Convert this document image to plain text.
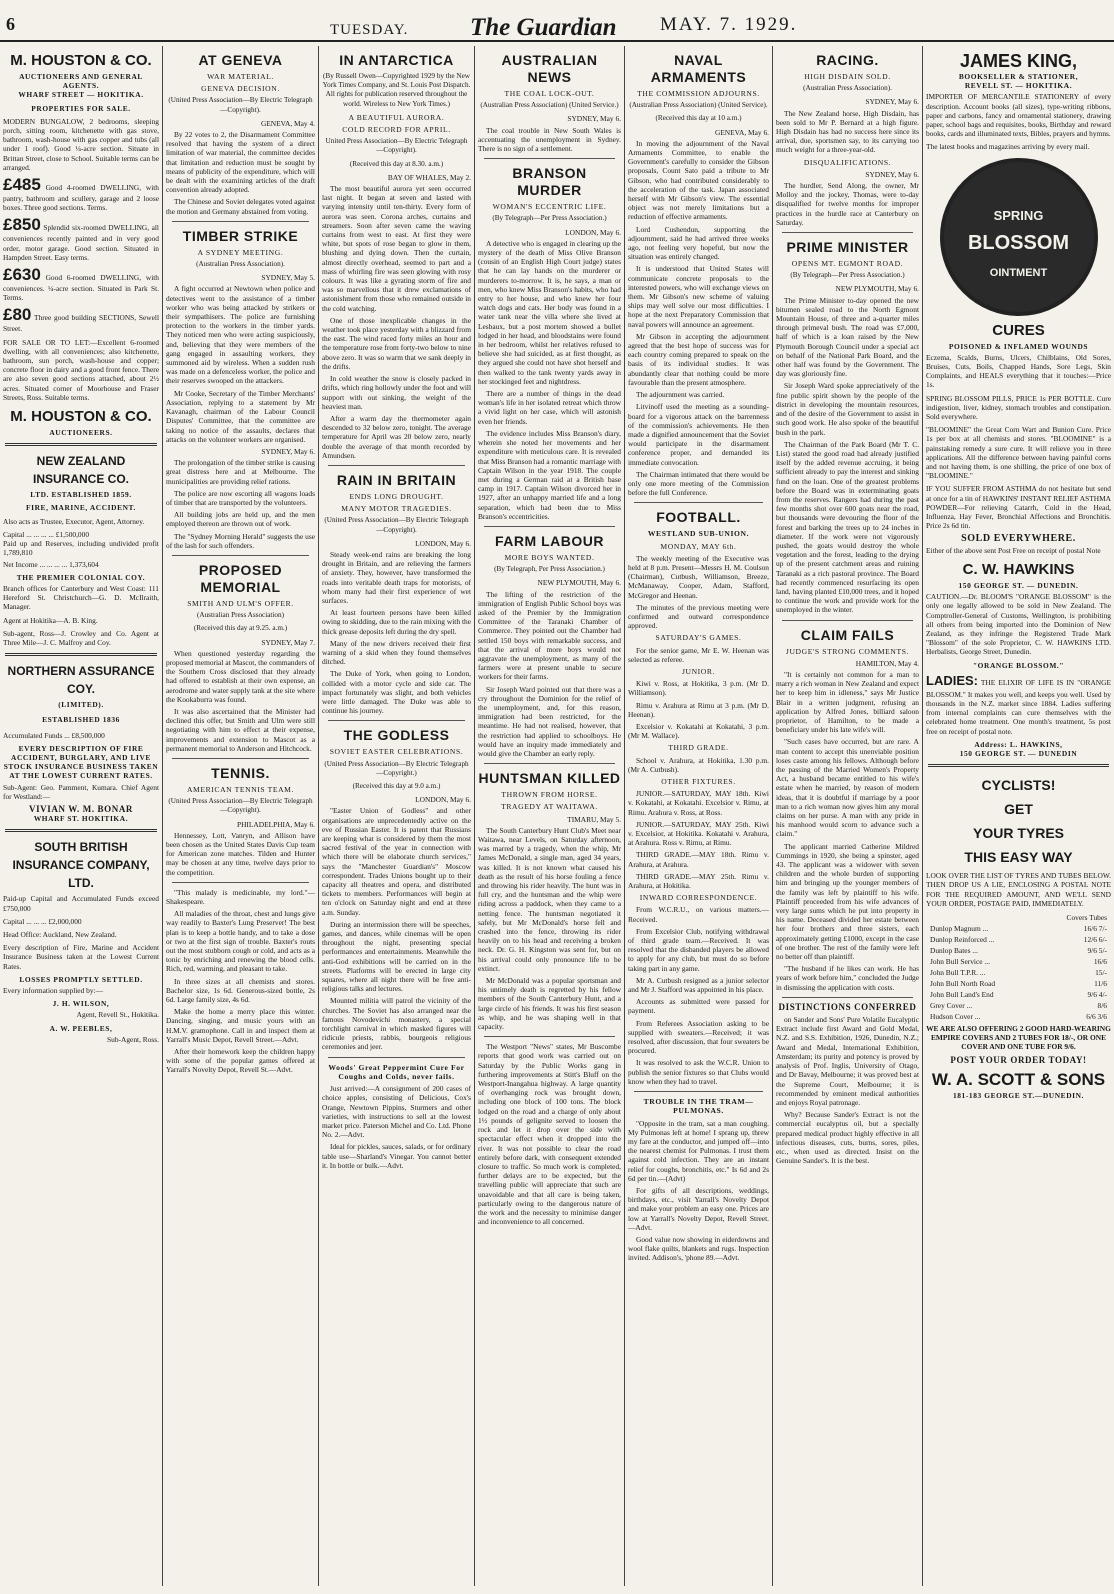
6	TUESDAY. The Guardian MAY. 7. 1929.
M. HOUSTON & CO.
AUCTIONEERS AND GENERAL AGENTS.
WHARF STREET — HOKITIKA.
PROPERTIES FOR SALE.

MODERN BUNGALOW, 2 bedrooms, sleeping porch, sitting room, kitchenette with gas stove, bathroom, wash-house with gas copper and tubs (all under 1 roof). Good ¼-acre section. Situate in Brittan Street, close to School. Suitable terms can be arranged.

£485 Good 4-roomed DWELLING, with pantry, bathroom and scullery, garage and 2 loose boxes. Three good sections. Terms.

£850 Splendid six-roomed DWELLING, all conveniences recently painted and in very good order, motor garage. Good section. Situated in Hampden Street. Easy terms.

£630 Good 6-roomed DWELLING, with conveniences. ¼-acre section. Situated in Park St. Terms.

£80 Three good building SECTIONS, Sewell Street.

FOR SALE OR TO LET:—Excellent 6-roomed dwelling, with all conveniences; also kitchenette, bathroom, sun porch, wash-house and copper; concrete floor in dairy and a good front fence. There are also seven good sections attached, about 2½ acres. Situated corner of Moorhouse and Fraser Streets, Ross. Suitable terms.

M. HOUSTON & CO.
AUCTIONEERS.
NEW ZEALAND INSURANCE CO.
LTD. ESTABLISHED 1859.
FIRE, MARINE, ACCIDENT.

Also acts as Trustee, Executor, Agent, Attorney.

Capital ... ... ... ... £1,500,000

Paid up and Reserves, including undivided profit 1,789,810

Net Income ... ... ... ... 1,373,604

THE PREMIER COLONIAL COY.

Branch offices for Canterbury and West Coast: 111 Hereford St. Christchurch—G. D. McIlraith, Manager.

Agent at Hokitika—A. B. King.

Sub-agent, Ross—J. Crowley and Co. Agent at Three Mile—J. C. Malfroy and Coy.

NORTHERN ASSURANCE COY.
(LIMITED).
ESTABLISHED 1836

Accumulated Funds ... £8,500,000

EVERY DESCRIPTION OF FIRE ACCIDENT, BURGLARY, AND LIVE STOCK INSURANCE BUSINESS TAKEN AT THE LOWEST CURRENT RATES.

Sub-Agent: Geo. Pamment, Kumara. Chief Agent for Westland:—

VIVIAN W. M. BONAR
WHARF ST. HOKITIKA.
SOUTH BRITISH INSURANCE COMPANY, LTD.

Paid-up Capital and Accumulated Funds exceed £750,000

Capital ... ... ... £2,000,000

Head Office: Auckland, New Zealand.

Every description of Fire, Marine and Accident Insurance Business taken at the Lowest Current Rates.

LOSSES PROMPTLY SETTLED.

Every information supplied by:—

J. H. WILSON,

Agent, Revell St., Hokitika.

A. W. PEEBLES,

Sub-Agent, Ross.

AT GENEVA
WAR MATERIAL.
GENEVA DECISION.
(United Press Association—By Electric Telegraph—Copyright).
GENEVA, May 4.

By 22 votes to 2, the Disarmament Committee resolved that having the system of a direct limitation of war material, the committee decides that limitation and reduction must be sought by means of publicity of the expenditure, which will be dealt with the examining articles of the draft convention already adopted.

The Chinese and Soviet delegates voted against the motion and Germany abstained from voting.

TIMBER STRIKE
A SYDNEY MEETING.
(Australian Press Association).
SYDNEY, May 5.

A fight occurred at Newtown when police and detectives went to the assistance of a timber worker who was being attacked by strikers or their sympathisers. The police are furnishing protection to the workers in the timber yards. They noticed men who were acting suspiciously, and, believing that they were members of the gang engaged in assaulting workers, they summoned aid by wireless. When a sudden rush was made on a defenceless worker, the police and their reserves swooped on the attackers.

Mr Cooke, Secretary of the Timber Merchants' Association, replying to a statement by Mr Kavanagh, chairman of the Labour Council Disputes' Committee, that the committee are taking no notice of the assaults, declares that attacks on the volunteer workers are organised.

SYDNEY, May 6.

The prolongation of the timber strike is causing great distress here and at Melbourne. The municipalities are providing relief rations.

The police are now escorting all wagons loads of timber that are transported by the volunteers.

All building jobs are held up, and the men employed thereon are thrown out of work.

The "Sydney Morning Herald" suggests the use of the lash for such offenders.

PROPOSED MEMORIAL
SMITH AND ULM'S OFFER.
(Australian Press Association)
(Received this day at 9.25. a.m.)
SYDNEY, May 7.

When questioned yesterday regarding the proposed memorial at Mascot, the commanders of the Southern Cross disclosed that they already had offered to establish at their own expense, an aerodrome and water supply tank at the site where the Kookaburra was found.

It was also ascertained that the Minister had declined this offer, but Smith and Ulm were still negotiating with him to effect at their expense, improvements and extension to Mascot as a permanent memorial to Anderson and Hitchcock.

TENNIS.
AMERICAN TENNIS TEAM.
(United Press Association—By Electric Telegraph—Copyright).
PHILADELPHIA, May 6.

Hennessey, Lott, Vanryn, and Allison have been chosen as the United States Davis Cup team for American zone matches. Tilden and Hunter may be chosen at any time, twelve days prior to the competition.

"This malady is medicinable, my lord."—Shakespeare.

All maladies of the throat, chest and lungs give way readily to Baxter's Lung Preserver! The best plan is to keep a bottle handy, and to take a dose or two at the first sign of trouble. Baxter's routs out the most stubborn cough or cold, and acts as a tonic by enriching and renewing the blood cells. Rich, red, warming, and pleasant to take.

In three sizes at all chemists and stores. Bachelor size, 1s 6d. Generous-sized bottle, 2s 6d. Large family size, 4s 6d.

Make the home a merry place this winter. Dancing, singing, and music yours with an H.M.V. gramophone. Call in and inspect them at Yarrall's Music Depot, Revell Street.—Advt.

After their homework keep the children happy with some of the popular games offered at Yarrall's Novelty Depot, Revell St.—Advt.

IN ANTARCTICA
(By Russell Owen—Copyrighted 1929 by the New York Times Company, and St. Louis Post Dispatch. All rights for publication reserved throughout the world. Wireless to New York Times.)
A BEAUTIFUL AURORA.
COLD RECORD FOR APRIL.
United Press Association—By Electric Telegraph—Copyright).
(Received this day at 8.30. a.m.)
BAY OF WHALES, May 2.

The most beautiful aurora yet seen occurred last night. It began at seven and lasted with varying intensity until ten-thirty. Every form of aurora was seen. Corona arches, curtains and streamers. Soon after seven came the waving curtains from west to east. At first they were white, but spots of rose began to glow in them, blushing and dying down. Then the curtain, almost directly overhead, seemed to part and a mass of whirling fire was seen glowing with rosy colours. It was like a gyrating storm of fire and was so marvellous that it drew exclamations of astonishment from those who remained outside in the cold watching.

One of those inexplicable changes in the weather took place yesterday with a blizzard from the east. The wind raced forty miles an hour and the temperature rose from forty-two below to nine above zero. It was so warm that we sank deeply in the drifts.

In cold weather the snow is closely packed in drifts, which ring hollowly under the foot and will support with out sinking, the weight of the heaviest man.

After a warm day the thermometer again descended to 32 below zero, tonight. The average temperature for April was 20 below zero, nearly double the average of that month recorded by Amundsen.

RAIN IN BRITAIN
ENDS LONG DROUGHT.
MANY MOTOR TRAGEDIES.
(United Press Association—By Electric Telegraph—Copyright).
LONDON, May 6.

Steady week-end rains are breaking the long drought in Britain, and are relieving the farmers of anxiety. They, however, have transformed the roads into veritable death traps for motorists, of whom many had their first experience of wet surfaces.

At least fourteen persons have been killed owing to skidding, due to the rain mixing with the thick grease deposits left during the dry spell.

Many of the new drivers received their first warning of a skid when they found themselves ditched.

The Duke of York, when going to London, collided with a motor cycle and side car. The impact fortunately was slight, and both vehicles were little damaged. The Duke was able to continue his journey.

THE GODLESS
SOVIET EASTER CELEBRATIONS.
(United Press Association—By Electric Telegraph—Copyright.)
(Received this day at 9.0 a.m.)
LONDON, May 6.

"Easter Union of Godless" and other organisations are unprecedentedly active on the eve of Russian Easter. It is patent that Russians are keeping what is considered by them the most sacred festival of the year in connection with which there will be elaborate church services," says the "Manchester Guardian's" Moscow correspondent. Trades Unions bought up to their capacity all theatres and opera, and distributed tickets to members. Performances will begin at ten o'clock on Saturday night and end at three a.m. Sunday.

During an intermission there will be speeches, games, and dances, while cinemas will be open throughout the night, presenting special performances and entertainments. Meanwhile the anti-God exhibitions will be carried on in the streets. Platforms will be erected in large city squares, where all night there will be free anti-religious talks and lectures.

Mounted militia will patrol the vicinity of the churches. The Soviet has also arranged near the famous Novodevichi monastery, a special torchlight carnival in which masked figures will ridicule priests, rabbis, bourgeois religious ceremonies and jeer.

Woods' Great Peppermint Cure For Coughs and Colds, never fails.

Just arrived:—A consignment of 200 cases of choice apples, consisting of Delicious, Cox's Orange, Newtown Pippins, Sturmers and other varieties, with instructions to sell at the lowest market price. Paterson Michel and Co. Ltd. Phone No. 2.—Advt.

Ideal for pickles, sauces, salads, or for ordinary table use—Sharland's Vinegar. You cannot better it. In bottle or bulk.—Advt.

AUSTRALIAN NEWS
THE COAL LOCK-OUT.
(Australian Press Association) (United Service.)
SYDNEY, May 6.

The coal trouble in New South Wales is accentuating the unemployment in Sydney. There is no sign of a settlement.

BRANSON MURDER
WOMAN'S ECCENTRIC LIFE.
(By Telegraph—Per Press Association.)
LONDON, May 6.

A detective who is engaged in clearing up the mystery of the death of Miss Olive Branson (cousin of an English High Court judge) states that he can lay hands on the murderer or murderers to-morrow. It is, he says, a man or men, who knew Miss Branson's habits, who had entry to her house, and who knew her four watch dogs and cats. Her body was found in a water tank near the villa where she lived at Lesbaux, but a post mortem showed a bullet lodged in her head, and bloodstains were found in her bedroom, whilst her relatives refused to believe she had suicided, as at first thought, as they argued she could not have shot herself and then walked to the tank twenty yards away in her stockinged feet and nightdress.

There are a number of things in the dead woman's life in her isolated retreat which throw a vivid light on her case, which will astonish even her friends.

The evidence includes Miss Branson's diary, wherein she noted her movements and her expenditure with meticulous care. It is revealed that Miss Branson had a romantic marriage with Captain Wilson in the year 1918. The couple met during a German raid at a British base camp in 1917. Captain Wilson divorced her in 1927, after an unhappy married life and a long separation, which had been due to Miss Branson's eccentricities.

FARM LABOUR
MORE BOYS WANTED.
(By Telegraph, Per Press Association.)
NEW PLYMOUTH, May 6.

The lifting of the restriction of the immigration of English Public School boys was asked of the Premier by the Immigration Committee of the Taranaki Chamber of Commerce. They pointed out the Chamber had settled 150 boys with remarkable success, and that the arrival of more boys would not aggravate the unemployment, as many of the farmers were at present unable to secure workers for their farms.

Sir Joseph Ward pointed out that there was a cry throughout the Dominion for the relief of the unemployment, and, for this reason, immigration had been restricted, for the meantime. He had not realised, however, that the restriction had applied to schoolboys. He would have an inquiry made immediately and would give the Chamber an early reply.

HUNTSMAN KILLED
THROWN FROM HORSE.
TRAGEDY AT WAITAWA.
TIMARU, May 5.

The South Canterbury Hunt Club's Meet near Waitawa, near Levels, on Saturday afternoon, was marred by a tragedy, when the whip, Mr James McDonald, a single man, aged 34 years, was killed. It is not known what caused his death as the result of his horse fouling a fence and throwing his rider heavily. The hunt was in full cry, and the huntsman and the whip were riding across a paddock, when they came to a netting fence. The huntsman negotiated it safely, but Mr McDonald's horse fell and crashed into the fence, throwing its rider heavily on to his head and receiving a broken neck. Dr. G. H. Kingston was sent for, but on his arrival could only pronounce life to be extinct.

Mr McDonald was a popular sportsman and his untimely death is regretted by his fellow members of the South Canterbury Hunt, and a large circle of his friends. It was his first season as whip, and he was shaping well in that capacity.

The Westport "News" states, Mr Buscombe reports that good work was carried out on Saturday by the Public Works gang in furthering improvements at Stitt's Bluff on the Westport-Inangahua highway. A large quantity of overhanging rock was brought down, including one block of 100 tons. The block lodged on the road and a charge of only about 1½ pounds of gelignite served to loosen the rock and let it drop over the side with spectacular effect when it dropped into the river. It was not possible to clear the road entirely before dark, with consequent extended closure to traffic. So much work is completed, further delays are to be expected, but the travelling public will appreciate that such are unavoidable and that all care is being taken, particularly owing to the dangerous nature of the work and the necessity to minimise danger and inconvenience to all concerned.

NAVAL ARMAMENTS
THE COMMISSION ADJOURNS.
(Australian Press Association) (United Service).
(Received this day at 10 a.m.)
GENEVA, May 6.

In moving the adjournment of the Naval Armaments Committee, to enable the Government's carefully to consider the Gibson proposals, Count Sato paid a tribute to Mr Gibson, who had contributed considerably to the acceleration of the task. Japan associated herself with Mr Gibson's view. The essential object was not merely limitations but a reduction of effective armaments.

Lord Cushendun, supporting the adjournment, said he had arrived three weeks ago, not feeling very hopeful, but now the situation was entirely changed.

It is understood that United States will communicate concrete proposals to the interested powers, who will exchange views on them. Mr Gibson's new scheme of valuing ships may well solve our most difficulties. I hope at the next Preparatory Commission that naval powers will announce an agreement.

Mr Gibson in accepting the adjournment agreed that the best hope of success was for each country coming prepared to speak on the basis of its individual studies. It was abundantly clear that nothing could be more favourable than the present atmosphere.

The adjournment was carried.

Litvinoff used the meeting as a sounding-board for a vigorous attack on the barrenness of the commission's achievements. He then made a dignified announcement that the Soviet would participate in the disarmament conference proper, and demanded its immediate convocation.

The Chairman intimated that there would be only one more meeting of the Commission before the full Conference.

FOOTBALL.
WESTLAND SUB-UNION.
MONDAY, MAY 6th.

The weekly meeting of the Executive was held at 8 p.m. Present—Messrs H. M. Coulson (Chairman), Cutbush, Williamson, Breeze, McManaway, Cooper, Adam, Stafford, McGregor and Heenan.

The minutes of the previous meeting were confirmed and outward correspondence approved.

SATURDAY'S GAMES.

For the senior game, Mr E. W. Heenan was selected as referee.

JUNIOR.

Kiwi v. Ross, at Hokitika, 3 p.m. (Mr D. Williamson).

Rimu v. Arahura at Rimu at 3 p.m. (Mr D. Heenan).

Excelsior v. Kokatahi at Kokatahi, 3 p.m. (Mr M. Wallace).

THIRD GRADE.

School v. Arahura, at Hokitika, 1.30 p.m. (Mr A. Cutbush).

OTHER FIXTURES.

JUNIOR.—SATURDAY, MAY 18th. Kiwi v. Kokatahi, at Kokatahi. Excelsior v. Rimu, at Rimu. Arahura v. Ross, at Ross.

JUNIOR.—SATURDAY, MAY 25th. Kiwi v. Excelsior, at Hokitika. Kokatahi v. Arahura, at Arahura. Ross v. Rimu, at Rimu.

THIRD GRADE.—MAY 18th. Rimu v. Arahura, at Arahura.

THIRD GRADE.—MAY 25th. Rimu v. Arahura, at Hokitika.

INWARD CORRESPONDENCE.

From W.C.R.U., on various matters.—Received.

From Excelsior Club, notifying withdrawal of third grade team.—Received. It was resolved that the disbanded players be allowed to apply for any club, but must do so before taking part in any game.

Mr A. Cutbush resigned as a junior selector and Mr J. Stafford was appointed in his place.

Accounts as submitted were passed for payment.

From Referees Association asking to be supplied with sweaters.—Received; it was resolved, after discussion, that four sweaters be procured.

It was resolved to ask the W.C.R. Union to publish the senior fixtures so that Clubs would know when they had to travel.

TROUBLE IN THE TRAM—PULMONAS.

"Opposite in the tram, sat a man coughing. My Pulmonas left at home! I sprang up, threw my fare at the conductor, and jumped off—into the nearest chemist for Pulmonas. I trust them against cold infection. They are an instant relief for coughs, bronchitis, etc." Is 6d and 2s 6d per tin.—(Advt)

For gifts of all descriptions, weddings, birthdays, etc., visit Yarrall's Novelty Depot and make your problem an easy one. Prices are low at Yarrall's Novelty Depot, Revell Street.—Advt.

Good value now showing in eiderdowns and wool flake quilts, blankets and rugs. Inspection invited. Addison's, 'phone 89.—Advt.

RACING.
HIGH DISDAIN SOLD.
(Australian Press Association).
SYDNEY, May 6.

The New Zealand horse, High Disdain, has been sold to Mr P. Bernard at a high figure. High Disdain has had no success here since its arrival, due, sportsmen say, to its carrying too much weight for a three-year-old.

DISQUALIFICATIONS.
SYDNEY, May 6.

The hurdler, Send Along, the owner, Mr Molloy and the jockey, Thomas, were to-day disqualified for twelve months for improper practices in the hurdle race at Canterbury on Saturday.

PRIME MINISTER
OPENS MT. EGMONT ROAD.
(By Telegraph—Per Press Association.)
NEW PLYMOUTH, May 6.

The Prime Minister to-day opened the new bitumen sealed road to the North Egmont Mountain House, of three and a-quarter miles through primeval bush. The road was £7,000, half of which is a loan raised by the New Plymouth Borough Council under a special act on behalf of the National Park Board, and the other half was found by the Government. The day was gloriously fine.

Sir Joseph Ward spoke appreciatively of the fine public spirit shown by the people of the district in developing the mountain resources, and of the desire of the Government to assist in such good work. He also spoke of the beautiful bush in the park.

The Chairman of the Park Board (Mr T. C. List) stated the good road had already justified itself by the added revenue accruing, it being sufficient already to pay the interest and sinking fund on the loan. One of the greatest problems before the Board was in exterminating goats from the reserves. Rangers had during the past few months shot over 600 goats near the road, but thousands were devouring the floor of the forest and barking the trees up to 24 inches in diameter. If the work were not vigorously pushed, the goats would destroy the whole vegetation and the forest, leading to the drying up of the present catchment areas and ruining Taranaki as a rich pastoral province. The Board had recently commenced resurfacing its open land, having planted £10,000 trees, and it hoped to continue the work and provide work for the unemployed in the winter.

CLAIM FAILS
JUDGE'S STRONG COMMENTS.
HAMILTON, May 4.

"It is certainly not common for a man to marry a rich woman in New Zealand and expect her to keep him in idleness," says Mr Justice Blair in a written judgment, refusing an application by Alfred Jones, billiard saloon proprietor, of Hamilton, to be made a beneficiary under his late wife's will.

"Such cases have occurred, but are rare. A man content to accept this unenviable position loses caste among his fellows. Although before the passing of the Married Women's Property Act, a husband became entitled to his wife's estate when he married, by reason of modern ideas, that it is doubtful if marriage by a poor man to a rich woman now gives him any moral claims on her purse. A man with any pride in his manhood would scorn to advance such a claim."

The applicant married Catherine Mildred Cummings in 1920, she being a spinster, aged 43. The applicant was a widower with seven children and the whole burden of supporting him and bringing up the younger members of the family was left by plaintiff to his wife. Plaintiff proceeded from his wife advances of very large sums which he put into property in his name. Deceased divided her estate between her four brothers and three sisters, each approximately getting £1000, except in the case of one brother. The rest of the family were left no better off than plaintiff.

"The husband if he likes can work. He has years of work before him," concluded the Judge in dismissing the application with costs.

DISTINCTIONS CONFERRED

on Sander and Sons' Pure Volatile Eucalyptic Extract include first Award and Gold Medal, N.Z. and S.S. Exhibition, 1926, Dunedin, N.Z.; Award and Medal, International Exhibition, Amsterdam; its purity and potency is proved by analysis of Prof. Inglis, University of Otago, and Dr Bavay, Melbourne; it was proved best at the Supreme Court, Melbourne; it is recommended by eminent medical authorities and enjoys Royal patronage.

Why? Because Sander's Extract is not the commercial eucalyptus oil, but a specially prepared medical product highly effective in all infectious diseases, cuts, burns, sores, piles, etc., when used as directed. Insist on the Genuine Sander's. It is the best.

JAMES KING,
BOOKSELLER & STATIONER,
REVELL ST. — HOKITIKA.

IMPORTER OF MERCANTILE STATIONERY of every description. Account books (all sizes), type-writing ribbons, paper and carbons, fancy and ornamental stationery, drawing paper, school bags and requisites, books, Birthday and reward books, cards and illuminated texts, Bibles, prayers and hymns.

The latest books and magazines arriving by every mail.

SPRING
BLOSSOM
OINTMENT
CURES
POISONED & INFLAMED WOUNDS

Eczema, Scalds, Burns, Ulcers, Chilblains, Old Sores, Bruises, Cuts, Boils, Chapped Hands, Sore Legs, Skin Complaints, and HEALS everything that it touches:—Price 1s.

SPRING BLOSSOM PILLS, PRICE 1s PER BOTTLE. Cure indigestion, liver, kidney, stomach troubles and constipation. Sold everywhere.

"BLOOMINE" the Great Corn Wart and Bunion Cure. Price 1s per box at all chemists and stores. "BLOOMINE" is a painstaking remedy a sure cure. It will relieve you in three applications. All the difference between having painful corns and not having them, is one shilling, the price of one box of "BLOOMINE."

IF YOU SUFFER FROM ASTHMA do not hesitate but send at once for a tin of HAWKINS' INSTANT RELIEF ASTHMA POWDER—For relieving Catarrh, Cold in the Head, Influenza, Hay Fever, Bronchial Affections and Bronchitis. Price 2s 6d tin.

SOLD EVERYWHERE.

Either of the above sent Post Free on receipt of postal Note

C. W. HAWKINS
150 GEORGE ST. — DUNEDIN.

CAUTION.—Dr. BLOOM'S "ORANGE BLOSSOM" is the only one legally allowed to be sold in New Zealand. The Comptroller-General of Customs, Wellington, is prohibiting all others from being imported into the Dominion of New Zealand, as they infringe the Registered Trade Mark "Blossom" of the sole Proprietor, C. W. HAWKINS LTD. Herbalists, George Street, Dunedin.

"ORANGE BLOSSOM."

LADIES: THE ELIXIR OF LIFE IS IN "ORANGE BLOSSOM." It makes you well, and keeps you well. Used by thousands in the N.Z. market since 1884. Ladies suffering from internal complaints can cure themselves with the celebrated home treatment. One month's treatment, 5s post free on receipt of postal note.

Address: L. HAWKINS,
150 GEORGE ST. — DUNEDIN
CYCLISTS!
GET
YOUR TYRES
THIS EASY WAY

LOOK OVER THE LIST OF TYRES AND TUBES BELOW. THEN DROP US A LIE, ENCLOSING A POSTAL NOTE FOR THE REQUIRED AMOUNT, AND WE'LL SEND YOUR ORDER, POSTAGE PAID, IMMEDIATELY.

Covers Tubes
Dunlop Magnum ...	16/6 7/-
Dunlop Reinforced ...	12/6 6/-
Dunlop Bates ...	9/6 5/-
John Bull Service ...	16/6
John Bull T.P.R. ...	15/-
John Bull North Road	11/6
John Bull Land's End	9/6 4/-
Grey Cover ...	8/6
Hudson Cover ...	6/6 3/6

WE ARE ALSO OFFERING 2 GOOD HARD-WEARING EMPIRE COVERS AND 2 TUBES FOR 18/-, OR ONE COVER AND ONE TUBE FOR 9/6.

POST YOUR ORDER TODAY!
W. A. SCOTT & SONS
181-183 GEORGE ST.—DUNEDIN.
